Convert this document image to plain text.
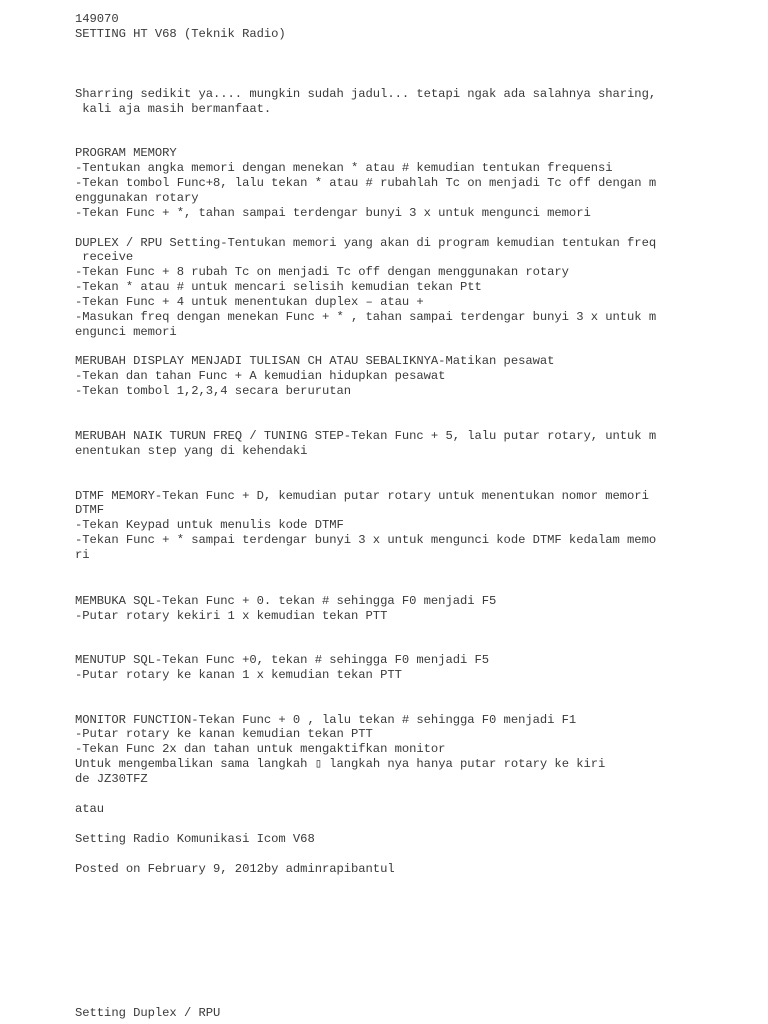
149070
SETTING HT V68 (Teknik Radio)
Sharring sedikit ya.... mungkin sudah jadul... tetapi ngak ada salahnya sharing,
kali aja masih bermanfaat.
PROGRAM MEMORY
-Tentukan angka memori dengan menekan * atau # kemudian tentukan frequensi
-Tekan tombol Func+8, lalu tekan * atau # rubahlah Tc on menjadi Tc off dengan m
enggunakan rotary
-Tekan Func + *, tahan sampai terdengar bunyi 3 x untuk mengunci memori
DUPLEX / RPU Setting-Tentukan memori yang akan di program kemudian tentukan freq
receive
-Tekan Func + 8 rubah Tc on menjadi Tc off dengan menggunakan rotary
-Tekan * atau # untuk mencari selisih kemudian tekan Ptt
-Tekan Func + 4 untuk menentukan duplex – atau +
-Masukan freq dengan menekan Func + * , tahan sampai terdengar bunyi 3 x untuk m
engunci memori
MERUBAH DISPLAY MENJADI TULISAN CH ATAU SEBALIKNYA-Matikan pesawat
-Tekan dan tahan Func + A kemudian hidupkan pesawat
-Tekan tombol 1,2,3,4 secara berurutan
MERUBAH NAIK TURUN FREQ / TUNING STEP-Tekan Func + 5, lalu putar rotary, untuk m
enentukan step yang di kehendaki
DTMF MEMORY-Tekan Func + D, kemudian putar rotary untuk menentukan nomor memori
DTMF
-Tekan Keypad untuk menulis kode DTMF
-Tekan Func + * sampai terdengar bunyi 3 x untuk mengunci kode DTMF kedalam memo
ri
MEMBUKA SQL-Tekan Func + 0. tekan # sehingga F0 menjadi F5
-Putar rotary kekiri 1 x kemudian tekan PTT
MENUTUP SQL-Tekan Func +0, tekan # sehingga F0 menjadi F5
-Putar rotary ke kanan 1 x kemudian tekan PTT
MONITOR FUNCTION-Tekan Func + 0 , lalu tekan # sehingga F0 menjadi F1
-Putar rotary ke kanan kemudian tekan PTT
-Tekan Func 2x dan tahan untuk mengaktifkan monitor
Untuk mengembalikan sama langkah ▯ langkah nya hanya putar rotary ke kiri
de JZ30TFZ
atau
Setting Radio Komunikasi Icom V68
Posted on February 9, 2012by adminrapibantul
Setting Duplex / RPU
